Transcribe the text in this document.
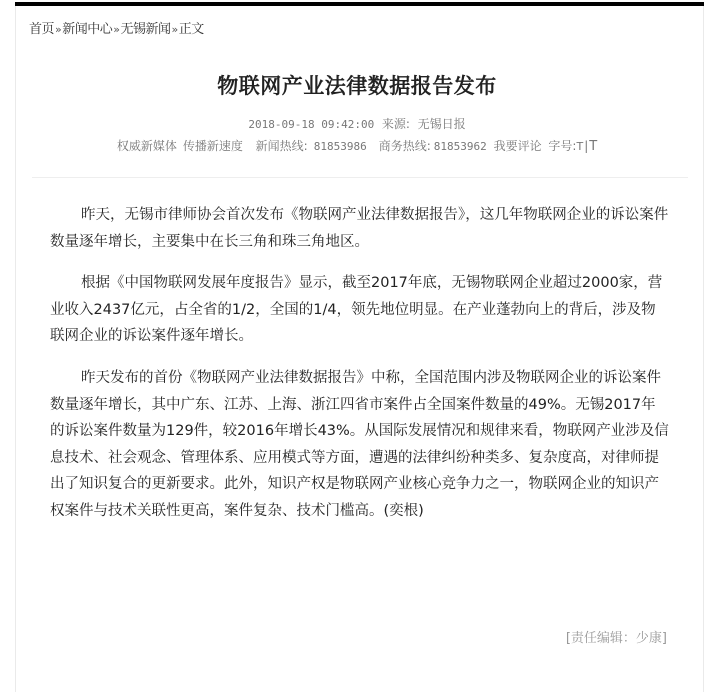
首页»新闻中心»无锡新闻»正文
物联网产业法律数据报告发布
2018-09-18 09:42:00 来源: 无锡日报
权威新媒体 传播新速度 新闻热线: 81853986 商务热线: 81853962 我要评论 字号:T|T

昨天，无锡市律师协会首次发布《物联网产业法律数据报告》，这几年物联网企业的诉讼案件数量逐年增长，主要集中在长三角和珠三角地区。

根据《中国物联网发展年度报告》显示，截至2017年底，无锡物联网企业超过2000家，营业收入2437亿元，占全省的1/2，全国的1/4，领先地位明显。在产业蓬勃向上的背后，涉及物联网企业的诉讼案件逐年增长。

昨天发布的首份《物联网产业法律数据报告》中称，全国范围内涉及物联网企业的诉讼案件数量逐年增长，其中广东、江苏、上海、浙江四省市案件占全国案件数量的49%。无锡2017年的诉讼案件数量为129件，较2016年增长43%。从国际发展情况和规律来看，物联网产业涉及信息技术、社会观念、管理体系、应用模式等方面，遭遇的法律纠纷种类多、复杂度高，对律师提出了知识复合的更新要求。此外，知识产权是物联网产业核心竞争力之一，物联网企业的知识产权案件与技术关联性更高，案件复杂、技术门槛高。(奕根)

[责任编辑：少康]
